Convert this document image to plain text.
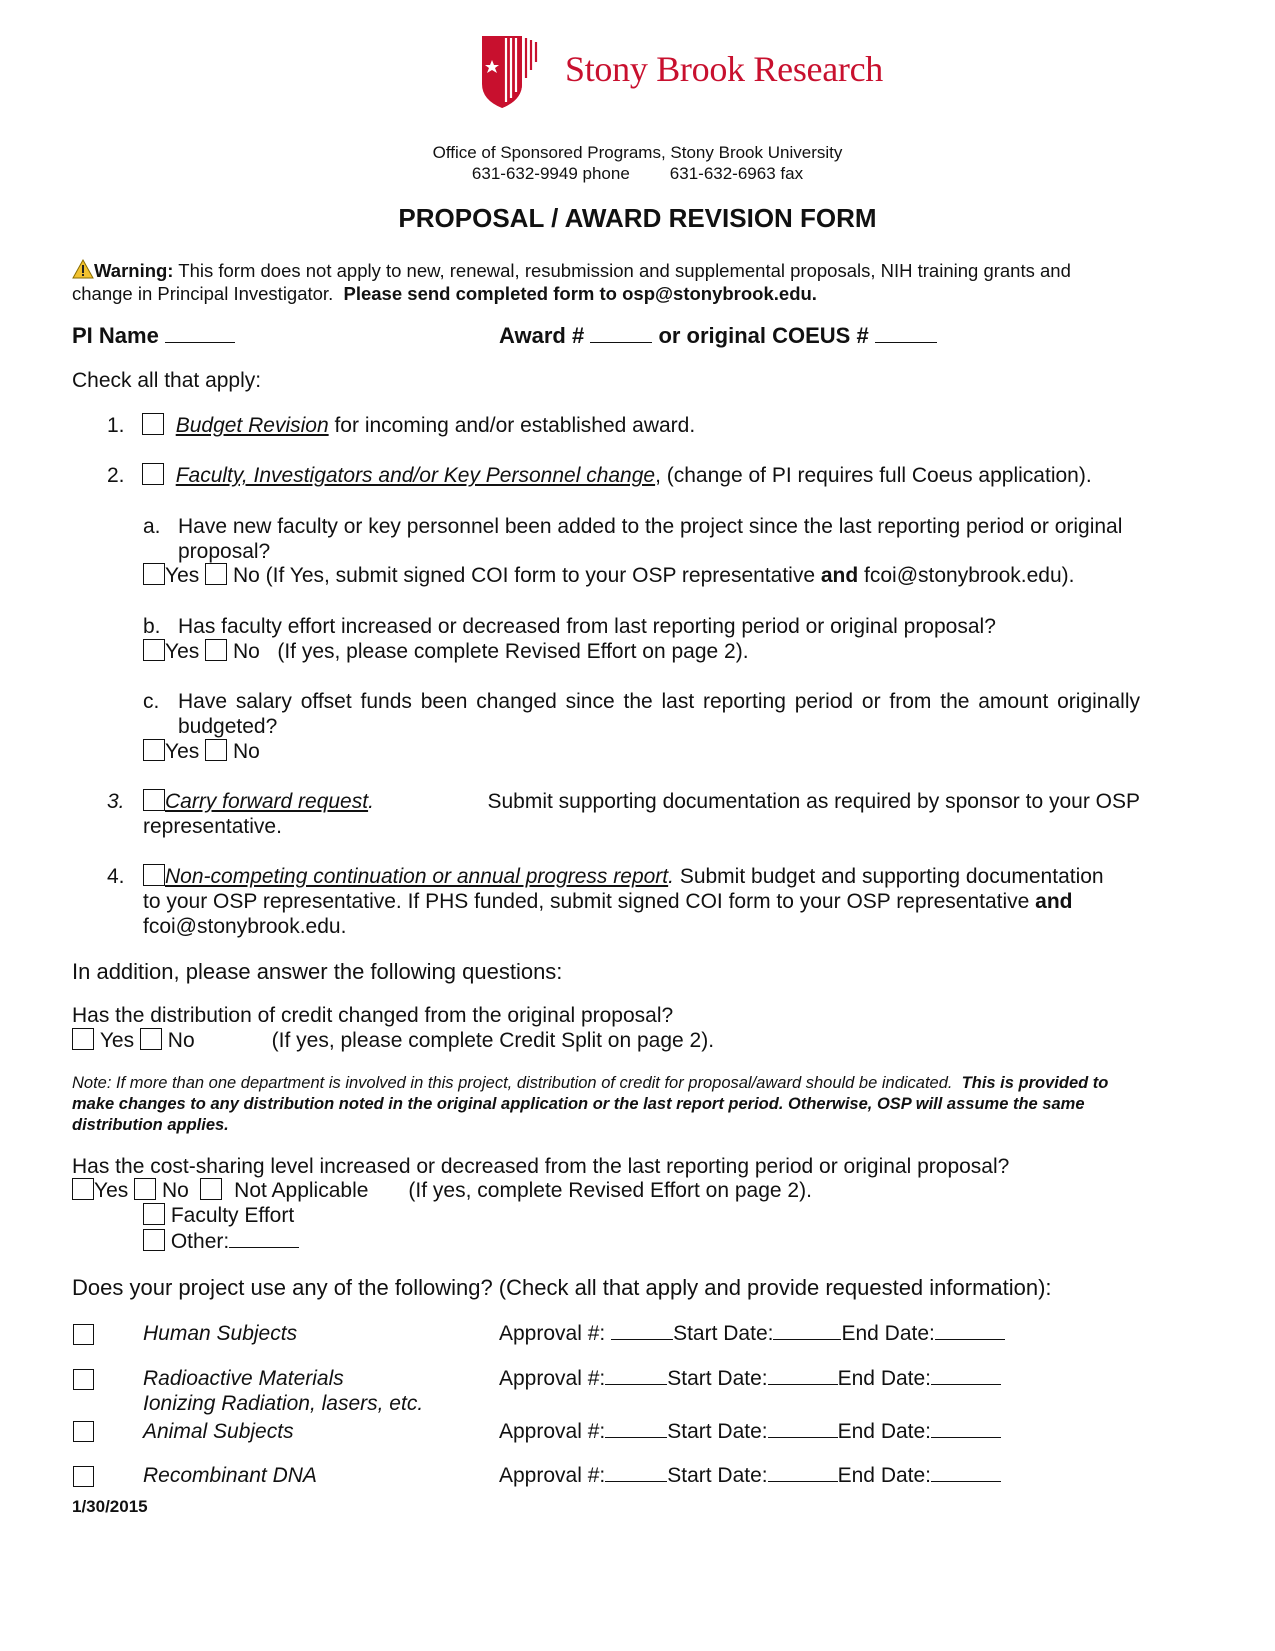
Stony Brook Research
Office of Sponsored Programs, Stony Brook University
631-632-9949 phone 631-632-6963 fax
PROPOSAL / AWARD REVISION FORM
Warning: This form does not apply to new, renewal, resubmission and supplemental proposals, NIH training grants and
change in Principal Investigator. Please send completed form to osp@stonybrook.edu.
PI Name	Award #	or original COEUS #
Check all that apply:
1. Budget Revision for incoming and/or established award.
2. Faculty, Investigators and/or Key Personnel change, (change of PI requires full Coeus application).
a. Have new faculty or key personnel been added to the project since the last reporting period or original
proposal?
Yes No (If Yes, submit signed COI form to your OSP representative and fcoi@stonybrook.edu).
b. Has faculty effort increased or decreased from last reporting period or original proposal?
Yes No (If yes, please complete Revised Effort on page 2).
c. Have salary offset funds been changed since the last reporting period or from the amount originally
budgeted?
Yes No
3.	Carry forward request.	Submit supporting documentation as required by sponsor to your OSP
representative.
4.	Non-competing continuation or annual progress report. Submit budget and supporting documentation
to your OSP representative. If PHS funded, submit signed COI form to your OSP representative and
fcoi@stonybrook.edu.
In addition, please answer the following questions:
Has the distribution of credit changed from the original proposal?
Yes No	(If yes, please complete Credit Split on page 2).
Note: If more than one department is involved in this project, distribution of credit for proposal/award should be indicated. This is provided to make changes to any distribution noted in the original application or the last report period. Otherwise, OSP will assume the same distribution applies.
Has the cost-sharing level increased or decreased from the last reporting period or original proposal?
Yes No Not Applicable (If yes, complete Revised Effort on page 2).
Faculty Effort
Other:
Does your project use any of the following? (Check all that apply and provide requested information):
Human Subjects	Approval #:	Start Date:	End Date:
Radioactive Materials
Ionizing Radiation, lasers, etc.
Approval #:	Start Date:	End Date:
Animal Subjects	Approval #:	Start Date:	End Date:
Recombinant DNA	Approval #:	Start Date:	End Date:
1/30/2015
